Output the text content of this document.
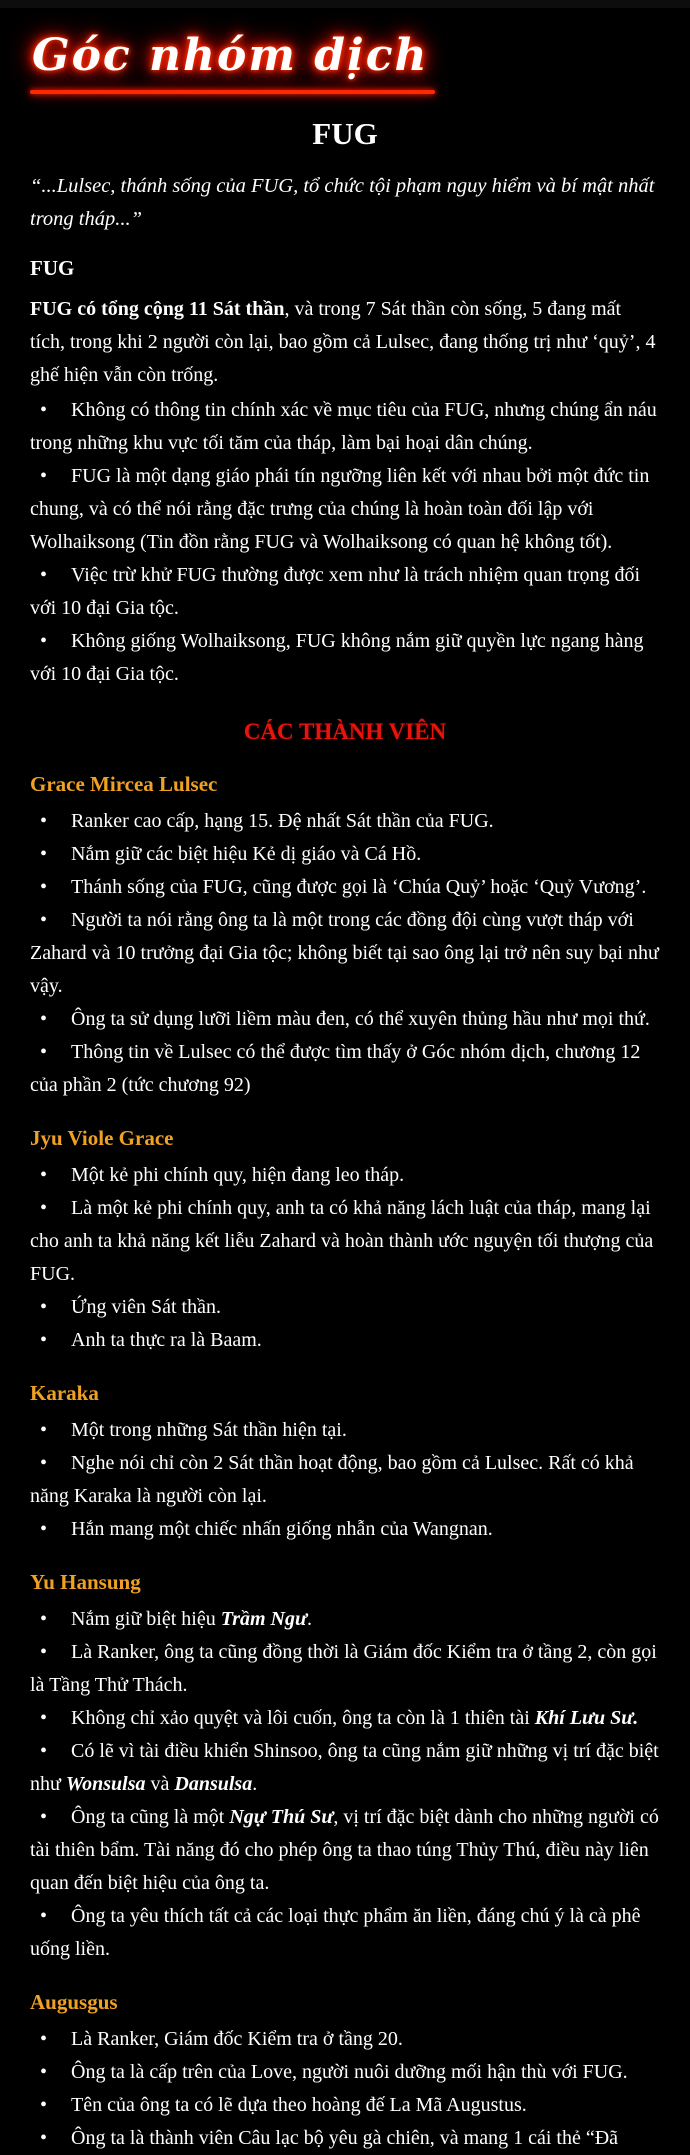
Góc nhóm dịch
FUG

“...Lulsec, thánh sống của FUG, tổ chức tội phạm nguy hiểm và bí mật nhất trong tháp...”

FUG

FUG có tổng cộng 11 Sát thần, và trong 7 Sát thần còn sống, 5 đang mất tích, trong khi 2 người còn lại, bao gồm cả Lulsec, đang thống trị như ‘quỷ’, 4 ghế hiện vẫn còn trống.

• Không có thông tin chính xác về mục tiêu của FUG, nhưng chúng ẩn náu trong những khu vực tối tăm của tháp, làm bại hoại dân chúng.
• FUG là một dạng giáo phái tín ngưỡng liên kết với nhau bởi một đức tin chung, và có thể nói rằng đặc trưng của chúng là hoàn toàn đối lập với Wolhaiksong (Tin đồn rằng FUG và Wolhaiksong có quan hệ không tốt).
• Việc trừ khử FUG thường được xem như là trách nhiệm quan trọng đối với 10 đại Gia tộc.
• Không giống Wolhaiksong, FUG không nắm giữ quyền lực ngang hàng với 10 đại Gia tộc.
CÁC THÀNH VIÊN
Grace Mircea Lulsec
• Ranker cao cấp, hạng 15. Đệ nhất Sát thần của FUG.
• Nắm giữ các biệt hiệu Kẻ dị giáo và Cá Hồ.
• Thánh sống của FUG, cũng được gọi là ‘Chúa Quỷ’ hoặc ‘Quỷ Vương’.
• Người ta nói rằng ông ta là một trong các đồng đội cùng vượt tháp với Zahard và 10 trưởng đại Gia tộc; không biết tại sao ông lại trở nên suy bại như vậy.
• Ông ta sử dụng lưỡi liềm màu đen, có thể xuyên thủng hầu như mọi thứ.
• Thông tin về Lulsec có thể được tìm thấy ở Góc nhóm dịch, chương 12 của phần 2 (tức chương 92)
Jyu Viole Grace
• Một kẻ phi chính quy, hiện đang leo tháp.
• Là một kẻ phi chính quy, anh ta có khả năng lách luật của tháp, mang lại cho anh ta khả năng kết liễu Zahard và hoàn thành ước nguyện tối thượng của FUG.
• Ứng viên Sát thần.
• Anh ta thực ra là Baam.
Karaka
• Một trong những Sát thần hiện tại.
• Nghe nói chỉ còn 2 Sát thần hoạt động, bao gồm cả Lulsec. Rất có khả năng Karaka là người còn lại.
• Hắn mang một chiếc nhấn giống nhẫn của Wangnan.
Yu Hansung
• Nắm giữ biệt hiệu Trầm Ngư.
• Là Ranker, ông ta cũng đồng thời là Giám đốc Kiểm tra ở tầng 2, còn gọi là Tầng Thử Thách.
• Không chỉ xảo quyệt và lôi cuốn, ông ta còn là 1 thiên tài Khí Lưu Sư.
• Có lẽ vì tài điều khiển Shinsoo, ông ta cũng nắm giữ những vị trí đặc biệt như Wonsulsa và Dansulsa.
• Ông ta cũng là một Ngự Thú Sư, vị trí đặc biệt dành cho những người có tài thiên bẩm. Tài năng đó cho phép ông ta thao túng Thủy Thú, điều này liên quan đến biệt hiệu của ông ta.
• Ông ta yêu thích tất cả các loại thực phẩm ăn liền, đáng chú ý là cà phê uống liền.
Augusgus
• Là Ranker, Giám đốc Kiểm tra ở tầng 20.
• Ông ta là cấp trên của Love, người nuôi dưỡng mối hận thù với FUG.
• Tên của ông ta có lẽ dựa theo hoàng đế La Mã Augustus.
• Ông ta là thành viên Câu lạc bộ yêu gà chiên, và mang 1 cái thẻ “Đã
